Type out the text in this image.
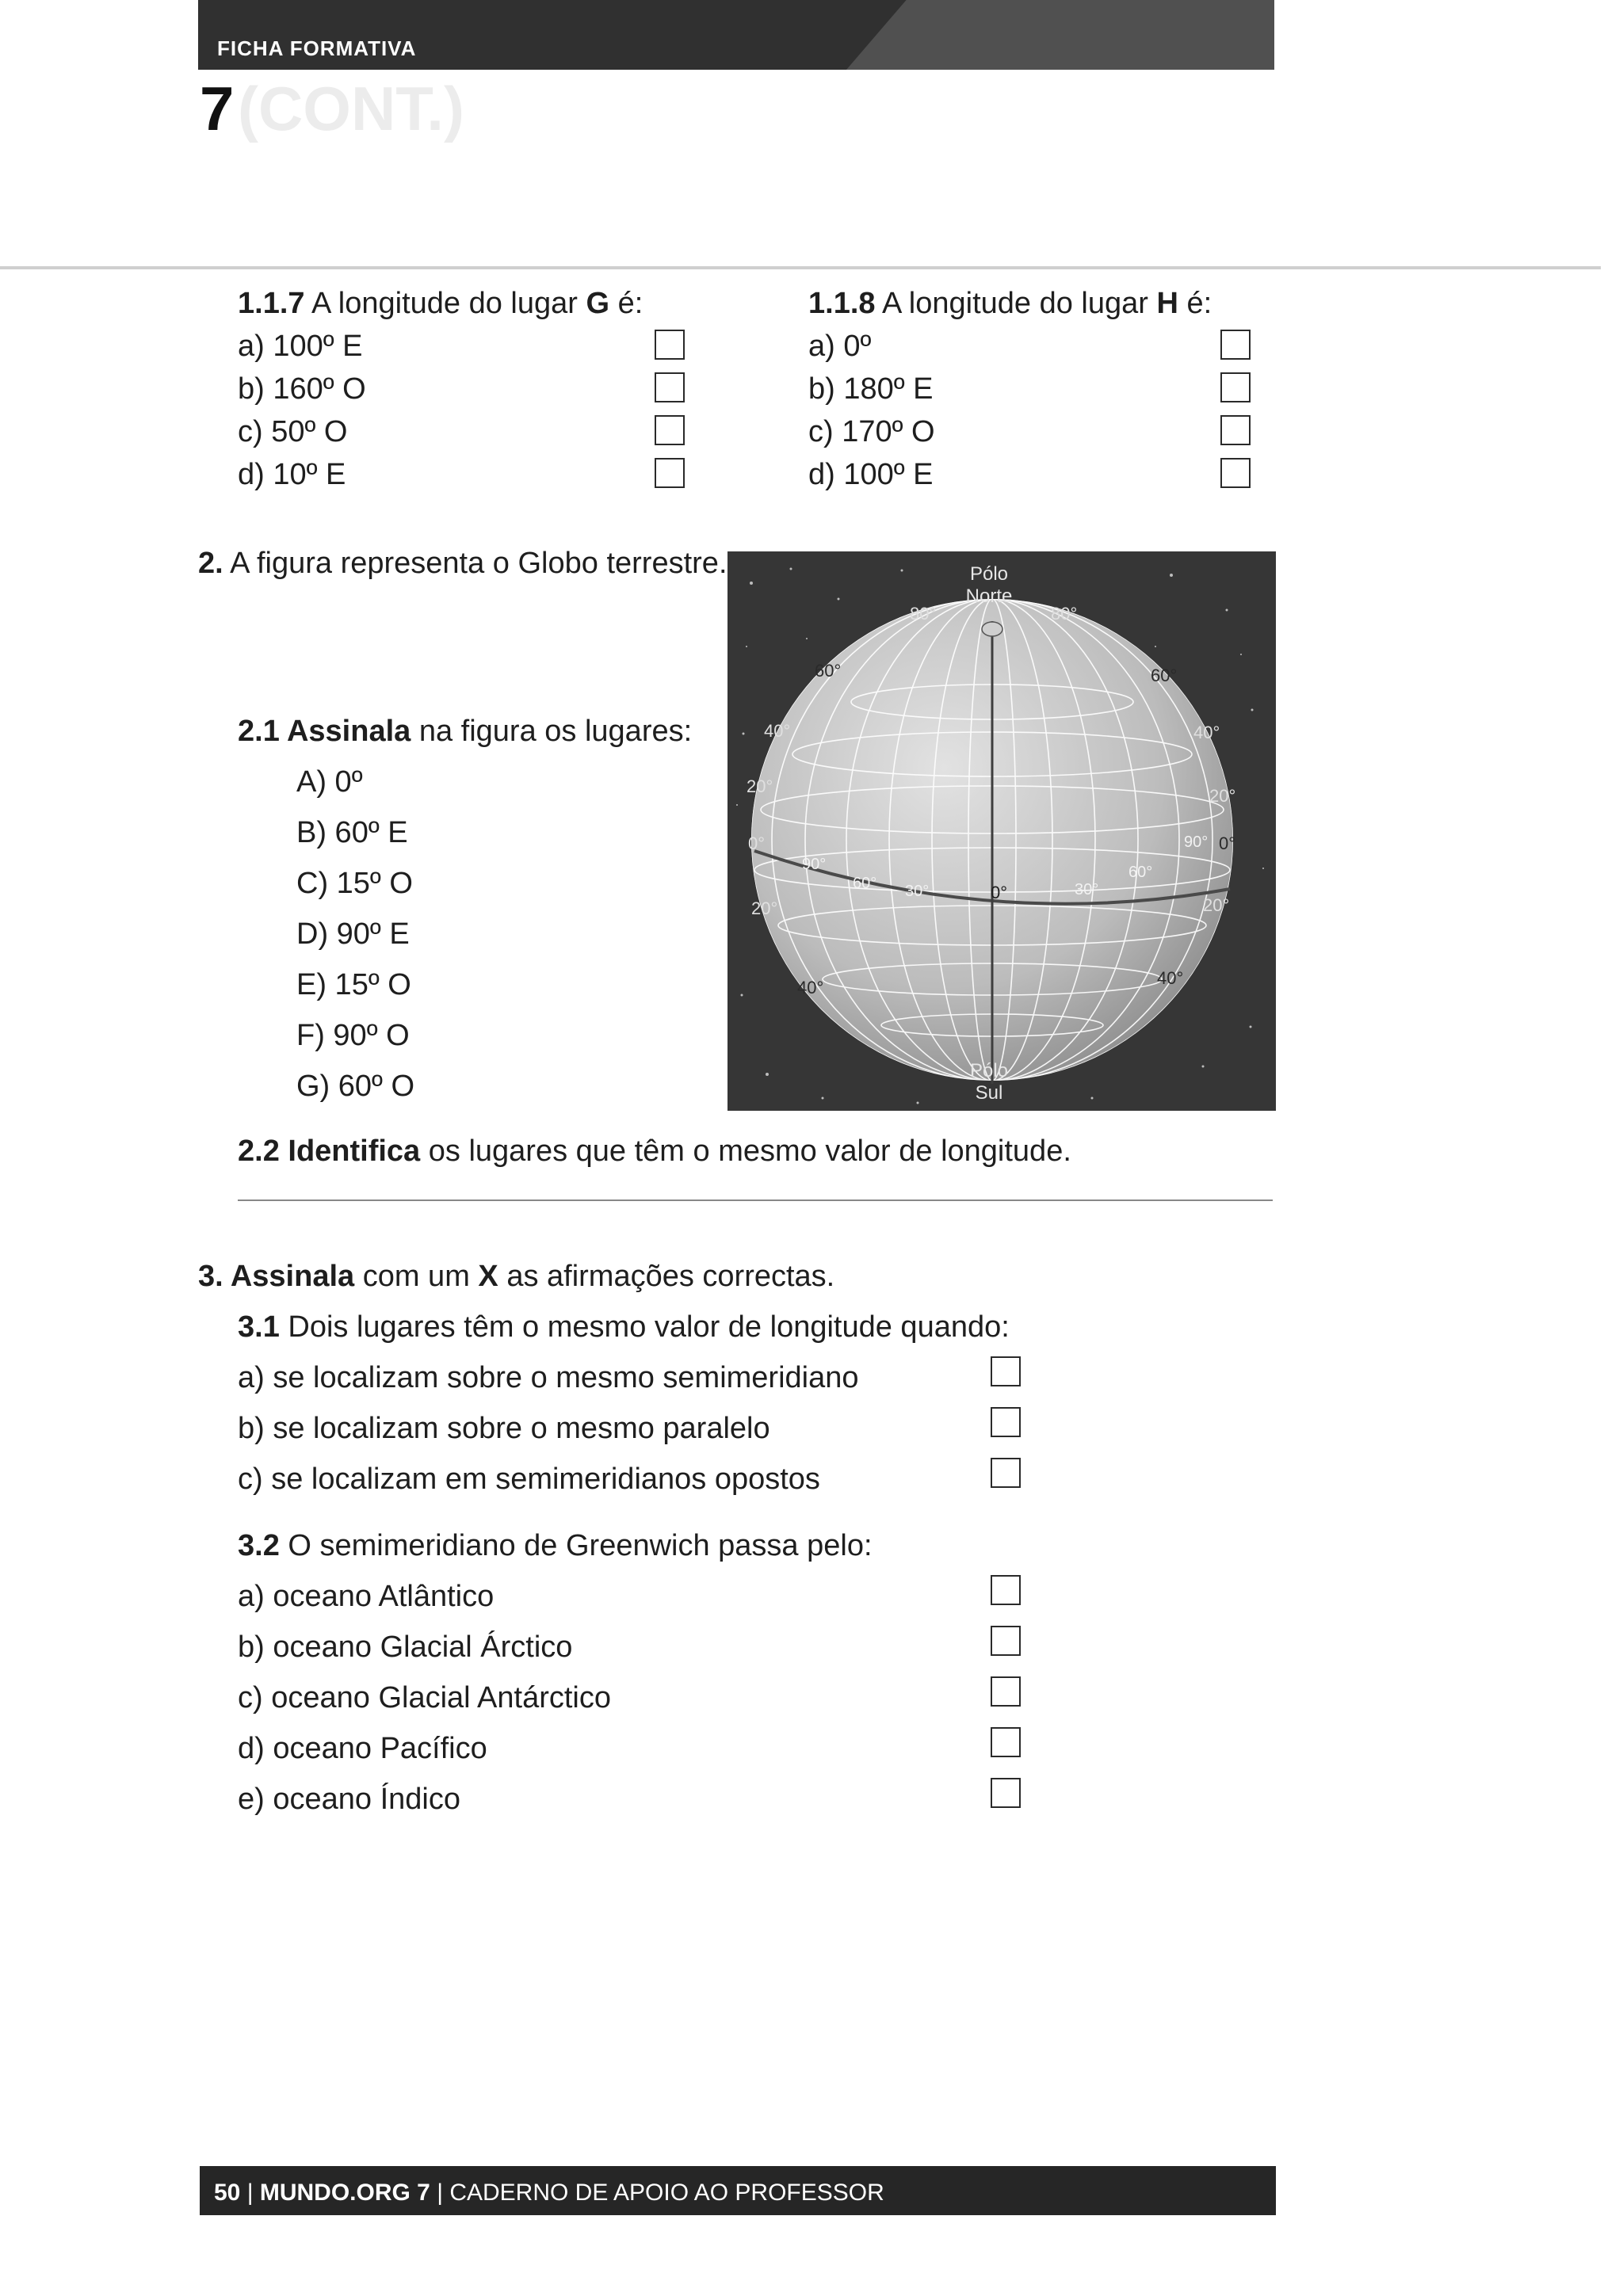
FICHA FORMATIVA
7 (CONT.)
1.1.7 A longitude do lugar G é:
a) 100º E
b) 160º O
c) 50º O
d) 10º E
1.1.8 A longitude do lugar H é:
a) 0º
b) 180º E
c) 170º O
d) 100º E
2. A figura representa o Globo terrestre.
2.1 Assinala na figura os lugares:
A) 0º
B) 60º E
C) 15º O
D) 90º E
E) 15º O
F) 90º O
G) 60º O
Pólo
Norte
Pólo
Sul
80°	80°
60°	60°
40°	40°
20°	20°
0°	0°
20°	20°
40°	40°
90°
60° 30°	0°	30°
60°
90°
2.2 Identifica os lugares que têm o mesmo valor de longitude.
3. Assinala com um X as afirmações correctas.
3.1 Dois lugares têm o mesmo valor de longitude quando:
a) se localizam sobre o mesmo semimeridiano
b) se localizam sobre o mesmo paralelo
c) se localizam em semimeridianos opostos
3.2 O semimeridiano de Greenwich passa pelo:
a) oceano Atlântico
b) oceano Glacial Árctico
c) oceano Glacial Antárctico
d) oceano Pacífico
e) oceano Índico
50 | MUNDO.ORG 7 | CADERNO DE APOIO AO PROFESSOR
